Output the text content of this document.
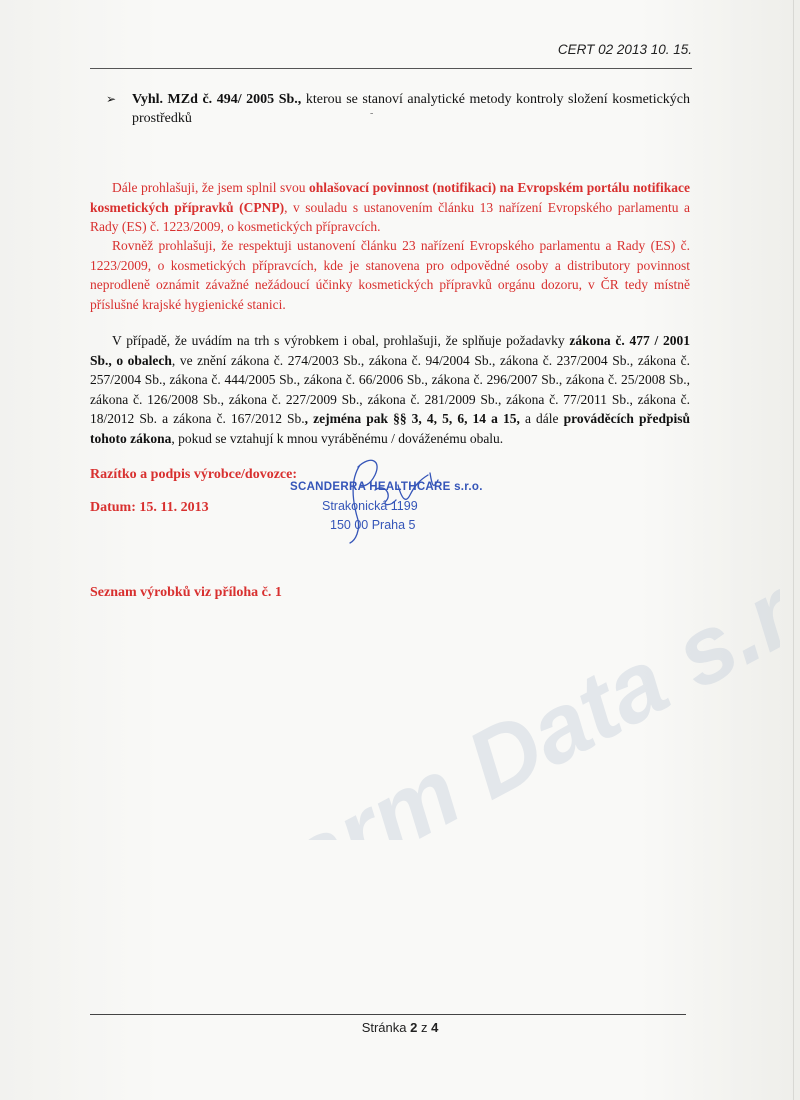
CERT 02 2013 10. 15.
➢ Vyhl. MZd č. 494/ 2005 Sb., kterou se stanoví analytické metody kontroly složení kosmetických prostředků	-
Dále prohlašuji, že jsem splnil svou ohlašovací povinnost (notifikaci) na Evropském portálu notifikace kosmetických přípravků (CPNP), v souladu s ustanovením článku 13 nařízení Evropského parlamentu a Rady (ES) č. 1223/2009, o kosmetických přípravcích.
Rovněž prohlašuji, že respektuji ustanovení článku 23 nařízení Evropského parlamentu a Rady (ES) č. 1223/2009, o kosmetických přípravcích, kde je stanovena pro odpovědné osoby a distributory povinnost neprodleně oznámit závažné nežádoucí účinky kosmetických přípravků orgánu dozoru, v ČR tedy místně příslušné krajské hygienické stanici.
V případě, že uvádím na trh s výrobkem i obal, prohlašuji, že splňuje požadavky zákona č. 477 / 2001 Sb., o obalech, ve znění zákona č. 274/2003 Sb., zákona č. 94/2004 Sb., zákona č. 237/2004 Sb., zákona č. 257/2004 Sb., zákona č. 444/2005 Sb., zákona č. 66/2006 Sb., zákona č. 296/2007 Sb., zákona č. 25/2008 Sb., zákona č. 126/2008 Sb., zákona č. 227/2009 Sb., zákona č. 281/2009 Sb., zákona č. 77/2011 Sb., zákona č. 18/2012 Sb. a zákona č. 167/2012 Sb., zejména pak §§ 3, 4, 5, 6, 14 a 15, a dále prováděcích předpisů tohoto zákona, pokud se vztahují k mnou vyráběnému / dováženému obalu.
Razítko a podpis výrobce/dovozce:
Datum: 15. 11. 2013
Seznam výrobků viz příloha č. 1
SCANDERRA HEALTHCARE s.r.o.
Strakonická 1199
150 00 Praha 5
Stránka 2 z 4
